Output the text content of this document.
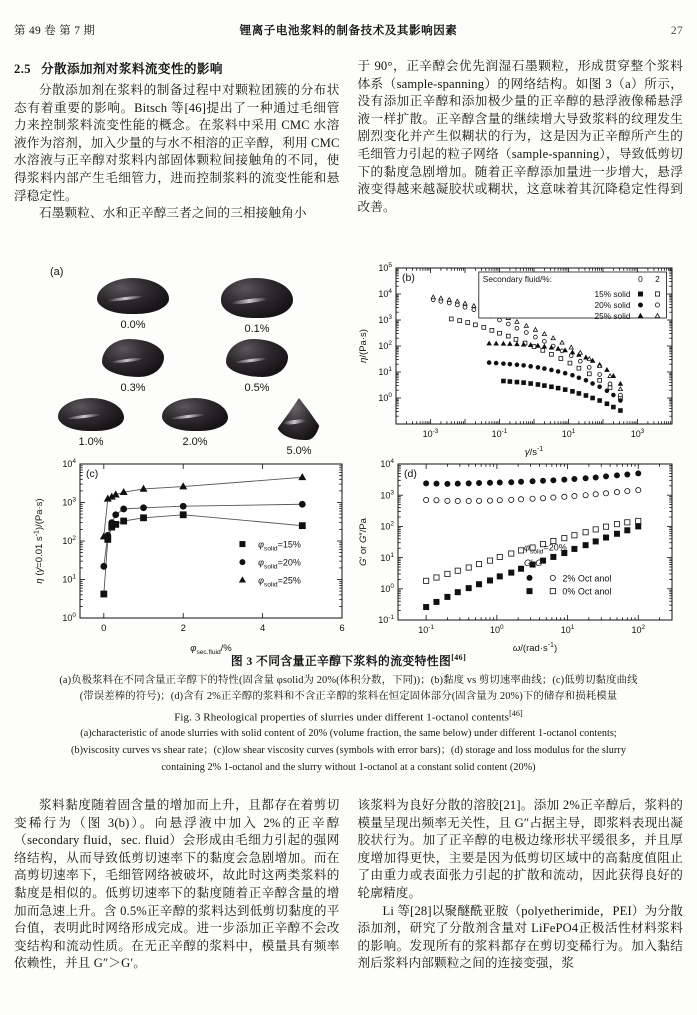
第 49 卷 第 7 期	锂离子电池浆料的制备技术及其影响因素	27
2.5 分散添加剂对浆料流变性的影响

分散添加剂在浆料的制备过程中对颗粒团簇的分布状态有着重要的影响。Bitsch 等[46]提出了一种通过毛细管力来控制浆料流变性能的概念。在浆料中采用 CMC 水溶液作为溶剂，加入少量的与水不相溶的正辛醇，利用 CMC 水溶液与正辛醇对浆料内部固体颗粒间接触角的不同，使得浆料内部产生毛细管力，进而控制浆料的流变性能和悬浮稳定性。

石墨颗粒、水和正辛醇三者之间的三相接触角小

于 90°，正辛醇会优先润湿石墨颗粒，形成贯穿整个浆料体系（sample-spanning）的网络结构。如图 3（a）所示，没有添加正辛醇和添加极少量的正辛醇的悬浮液像稀悬浮液一样扩散。正辛醇含量的继续增大导致浆料的纹理发生剧烈变化并产生似糊状的行为，这是因为正辛醇所产生的毛细管力引起的粒子网络（sample-spanning），导致低剪切下的黏度急剧增加。随着正辛醇添加量进一步增大，悬浮液变得越来越凝胶状或糊状，这意味着其沉降稳定性得到改善。

(a)
0.0%	0.1%
0.3%	0.5%
1.0%	2.0%
5.0%
$10^{-3}$	$10^{-1}$	$10^1$	$10^3$
$10^0$
$10^1$
$10^2$
$10^3$
$10^4$
$10^5$
$\gammȧ/s^{-1}$
η/(Pa·s)
(b)	Secondary fluid/%:	0 2
15% solid
20% solid
25% solid
0	2	4	6
$10^0$
$10^1$
$10^2$
$10^3$
$10^4$
$\varphi_{sec.fluid}/\%$
η (γ̇=0.01 $s^{-1})/(Pa\cdot s)$
(c)
$\varphi_{solid}=15\%$
$\varphi_{solid}=20\%$
$\varphi_{solid}=25\%$
$10^{-1}$	$10^0$	$10^1$	$10^2$
$10^{-1}$
$10^0$
$10^1$
$10^2$
$10^3$
$10^4$
$\omega/(rad\cdot s^{-1})$
G′ or G″/Pa
(d)
$\varphi_{solid}=20\%$
G′ G″
2% Oct anol
0% Oct anol
图 3 不同含量正辛醇下浆料的流变特性图[46]
(a)负极浆料在不同含量正辛醇下的特性(固含量 φsolid为 20%(体积分数，下同))；(b)黏度 vs 剪切速率曲线；(c)低剪切黏度曲线
(带误差棒的符号)；(d)含有 2%正辛醇的浆料和不含正辛醇的浆料在恒定固体部分(固含量为 20%)下的储存和损耗模量
Fig. 3 Rheological properties of slurries under different 1-octanol contents[46]
(a)characteristic of anode slurries with solid content of 20% (volume fraction, the same below) under different 1-octanol contents;
(b)viscosity curves vs shear rate；(c)low shear viscosity curves (symbols with error bars)；(d) storage and loss modulus for the slurry
containing 2% 1-octanol and the slurry without 1-octanol at a constant solid content (20%)

浆料黏度随着固含量的增加而上升，且都存在着剪切变稀行为（图 3(b)）。向悬浮液中加入 2%的正辛醇（secondary fluid，sec. fluid）会形成由毛细力引起的强网络结构，从而导致低剪切速率下的黏度会急剧增加。而在高剪切速率下，毛细管网络被破坏，故此时这两类浆料的黏度是相似的。低剪切速率下的黏度随着正辛醇含量的增加而急速上升。含 0.5%正辛醇的浆料达到低剪切黏度的平台值，表明此时网络形成完成。进一步添加正辛醇不会改变结构和流动性质。在无正辛醇的浆料中，模量具有频率依赖性，并且 G″＞G′。

该浆料为良好分散的溶胶[21]。添加 2%正辛醇后，浆料的模量呈现出频率无关性，且 G″占据主导，即浆料表现出凝胶状行为。加了正辛醇的电极边缘形状平缓很多，并且厚度增加得更快，主要是因为低剪切区域中的高黏度值阻止了由重力或表面张力引起的扩散和流动，因此获得良好的轮廓精度。

Li 等[28]以聚醚酰亚胺（polyetherimide，PEI）为分散添加剂，研究了分散剂含量对 LiFePO4正极活性材料浆料的影响。发现所有的浆料都存在剪切变稀行为。加入黏结剂后浆料内部颗粒之间的连接变强，浆
